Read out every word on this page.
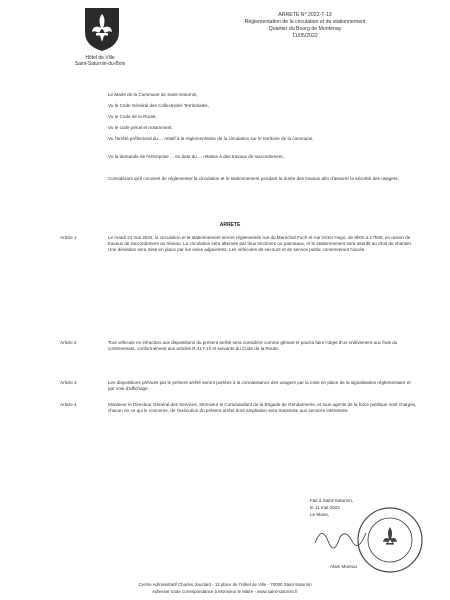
Hôtel de Ville
Saint-Saturnin-du-Bois
ARRETE N° 2022-T-13
Réglementation de la circulation et du stationnement
Quartier du Bourg de Montenay
11/05/2022
Le Maire de la Commune de Saint-Saturnin,
Vu le Code Général des Collectivités Territoriales,
Vu le Code de la Route,
Vu le code pénal et notamment,
Vu l'arrêté préfectoral du ... relatif à la réglementation de la circulation sur le territoire de la commune,
Vu la demande de l'entreprise ... en date du ... relative à des travaux de raccordement,
Considérant qu'il convient de réglementer la circulation et le stationnement pendant la durée des travaux afin d'assurer la sécurité des usagers,
ARRETE
Article 1	Le mardi 24 mai 2022, la circulation et le stationnement seront réglementés rue du Maréchal Foch et rue Victor Hugo, de 8h00 à 17h00, en raison de travaux de raccordement au réseau. La circulation sera alternée par feux tricolores ou panneaux, et le stationnement sera interdit au droit du chantier. Une déviation sera mise en place par les voies adjacentes. Les véhicules de secours et de service public conserveront l'accès.
Article 2	Tout véhicule en infraction aux dispositions du présent arrêté sera considéré comme gênant et pourra faire l'objet d'un enlèvement aux frais du contrevenant, conformément aux articles R.417-10 et suivants du Code de la Route.
Article 3	Les dispositions prévues par le présent arrêté seront portées à la connaissance des usagers par la mise en place de la signalisation réglementaire et par voie d'affichage.
Article 4	Monsieur le Directeur Général des Services, Monsieur le Commandant de la Brigade de Gendarmerie, et tous agents de la force publique sont chargés, chacun en ce qui le concerne, de l'exécution du présent arrêté dont ampliation sera transmise aux services intéressés.
Fait à Saint-Saturnin,
le 11 mai 2022
Le Maire,
Alain Moreau
Centre Administratif Charles Jouclard - 12 place de l'Hôtel de Ville - 70000 Saint-Saturnin
Adresser toute correspondance à Monsieur le Maire - www.saint-saturnin.fr
